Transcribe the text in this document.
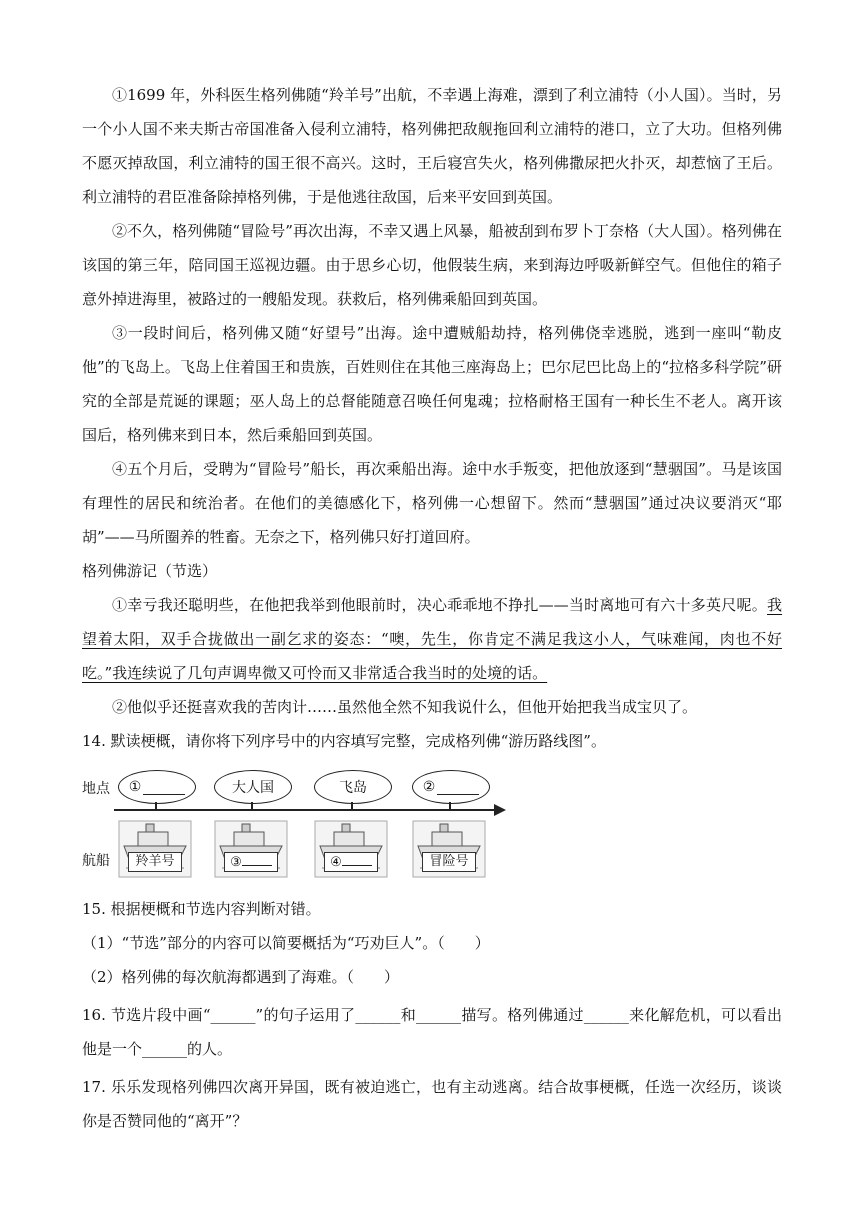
①1699 年，外科医生格列佛随“羚羊号”出航，不幸遇上海难，漂到了利立浦特（小人国）。当时，另一个小人国不来夫斯古帝国准备入侵利立浦特，格列佛把敌舰拖回利立浦特的港口，立了大功。但格列佛不愿灭掉敌国，利立浦特的国王很不高兴。这时，王后寝宫失火，格列佛撒尿把火扑灭，却惹恼了王后。利立浦特的君臣准备除掉格列佛，于是他逃往敌国，后来平安回到英国。

②不久，格列佛随“冒险号”再次出海，不幸又遇上风暴，船被刮到布罗卜丁奈格（大人国）。格列佛在该国的第三年，陪同国王巡视边疆。由于思乡心切，他假装生病，来到海边呼吸新鲜空气。但他住的箱子意外掉进海里，被路过的一艘船发现。获救后，格列佛乘船回到英国。

③一段时间后，格列佛又随“好望号”出海。途中遭贼船劫持，格列佛侥幸逃脱，逃到一座叫“勒皮他”的飞岛上。飞岛上住着国王和贵族，百姓则住在其他三座海岛上；巴尔尼巴比岛上的“拉格多科学院”研究的全部是荒诞的课题；巫人岛上的总督能随意召唤任何鬼魂；拉格耐格王国有一种长生不老人。离开该国后，格列佛来到日本，然后乘船回到英国。

④五个月后，受聘为“冒险号”船长，再次乘船出海。途中水手叛变，把他放逐到“慧骃国”。马是该国有理性的居民和统治者。在他们的美德感化下，格列佛一心想留下。然而“慧骃国”通过决议要消灭“耶胡”——马所圈养的牲畜。无奈之下，格列佛只好打道回府。

格列佛游记（节选）

①幸亏我还聪明些，在他把我举到他眼前时，决心乖乖地不挣扎——当时离地可有六十多英尺呢。我望着太阳，双手合拢做出一副乞求的姿态：“噢，先生，你肯定不满足我这小人，气味难闻，肉也不好吃。”我连续说了几句声调卑微又可怜而又非常适合我当时的处境的话。

②他似乎还挺喜欢我的苦肉计……虽然他全然不知我说什么，但他开始把我当成宝贝了。

14. 默读梗概，请你将下列序号中的内容填写完整，完成格列佛“游历路线图”。

地点
航船
①	大人国	飞岛	②
羚羊号	③	④	冒险号

15. 根据梗概和节选内容判断对错。

（1）“节选”部分的内容可以简要概括为“巧劝巨人”。（　　）

（2）格列佛的每次航海都遇到了海难。（　　）

16. 节选片段中画“______”的句子运用了______和______描写。格列佛通过______来化解危机，可以看出他是一个______的人。

17. 乐乐发现格列佛四次离开异国，既有被迫逃亡，也有主动逃离。结合故事梗概，任选一次经历，谈谈你是否赞同他的“离开”？
